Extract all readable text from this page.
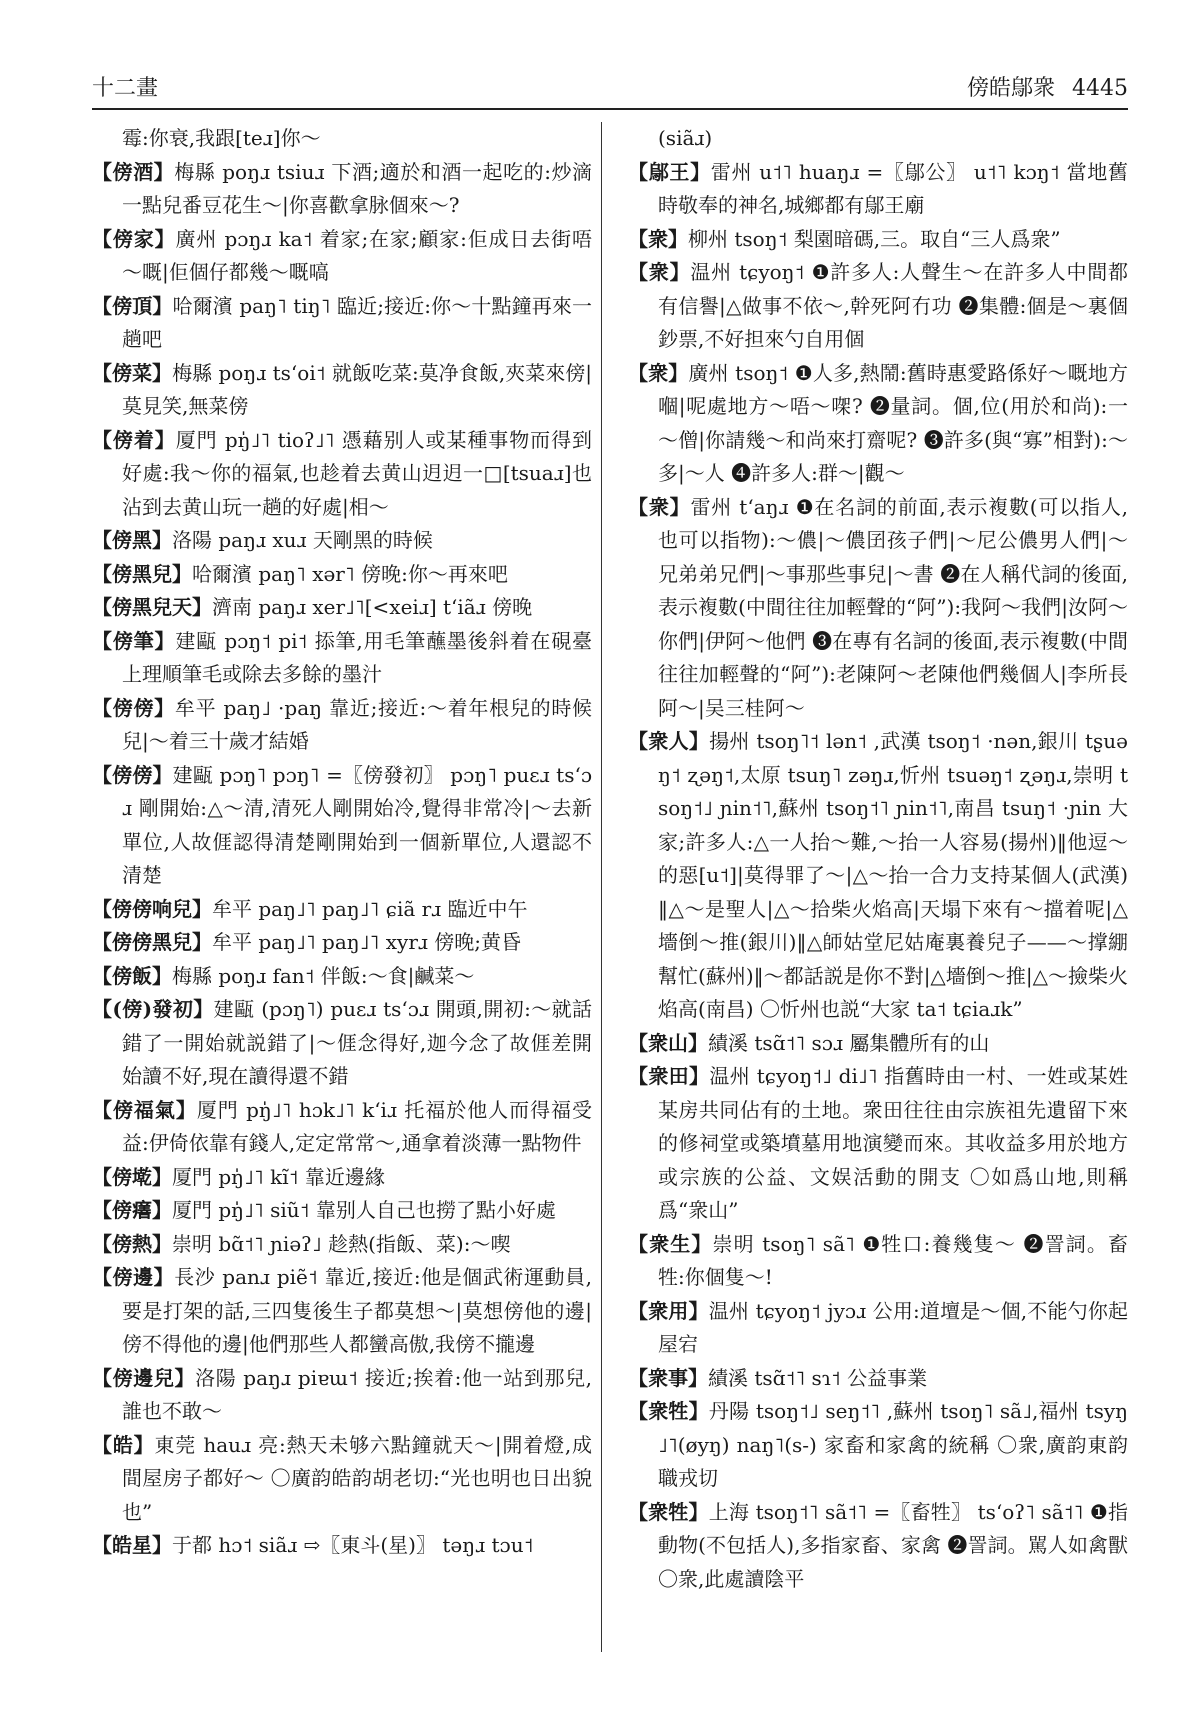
十二畫	傍皓鄔衆 4445

霉:你衰,我跟[teɹ]你～

【傍酒】梅縣 poŋɹ tsiuɹ 下酒;適於和酒一起吃的:炒滴一點兒番豆花生～|你喜歡拿脉個來～?

【傍家】廣州 pɔŋɹ ka˦ 着家;在家;顧家:佢成日去街唔～嘅|佢個仔都幾～嘅嗃

【傍頂】哈爾濱 paŋ˥ tiŋ˥ 臨近;接近:你～十點鐘再來一趟吧

【傍菜】梅縣 poŋɹ tsʻoi˦ 就飯吃菜:莫净食飯,夾菜來傍|莫見笑,無菜傍

【傍着】厦門 pŋ̍˩˥ tioʔ˩˥ 憑藉别人或某種事物而得到好處:我～你的福氣,也趁着去黄山迌迌一□[tsuaɹ]也沾到去黄山玩一趟的好處|相～

【傍黑】洛陽 paŋɹ xuɹ 天剛黑的時候

【傍黑兒】哈爾濱 paŋ˥ xər˥ 傍晚:你～再來吧

【傍黑兒天】濟南 paŋɹ xer˩˥[<xeiɹ] tʻiãɹ 傍晚

【傍筆】建甌 pɔŋ˦ pi˦ 掭筆,用毛筆蘸墨後斜着在硯臺上理順筆毛或除去多餘的墨汁

【傍傍】牟平 paŋ˩ ·paŋ 靠近;接近:～着年根兒的時候兒|～着三十歲才結婚

【傍傍】建甌 pɔŋ˥ pɔŋ˥ =〖傍發初〗 pɔŋ˥ puɛɹ tsʻɔɹ 剛開始:△～清,清死人剛開始冷,覺得非常冷|～去新單位,人故𠊎認得清楚剛開始到一個新單位,人還認不清楚

【傍傍响兒】牟平 paŋ˩˥ paŋ˩˥ ɕiã rɹ 臨近中午

【傍傍黑兒】牟平 paŋ˩˥ paŋ˩˥ xyrɹ 傍晚;黄昏

【傍飯】梅縣 poŋɹ fan˦ 伴飯:～食|鹹菜～

【(傍)發初】建甌 (pɔŋ˥) puɛɹ tsʻɔɹ 開頭,開初:～就話錯了一開始就説錯了|～𠊎念得好,迦今念了故𠊎差開始讀不好,現在讀得還不錯

【傍福氣】厦門 pŋ̍˩˥ hɔk˩˥ kʻiɹ 托福於他人而得福受益:伊倚依靠有錢人,定定常常～,通拿着淡薄一點物件

【傍墘】厦門 pŋ̍˩˥ kĩ˦ 靠近邊緣

【傍𤺪】厦門 pŋ̍˩˥ siũ˦ 靠别人自己也撈了點小好處

【傍熱】崇明 bɑ̃˦˥ ɲiəʔ˩ 趁熱(指飯、菜):～喫

【傍邊】長沙 panɹ piẽ˦ 靠近,接近:他是個武術運動員,要是打架的話,三四隻後生子都莫想～|莫想傍他的邊|傍不得他的邊|他們那些人都蠻高傲,我傍不攏邊

【傍邊兒】洛陽 paŋɹ piɐɯ˦ 接近;挨着:他一站到那兒,誰也不敢～

【皓】東莞 hauɹ 亮:熱天未够六點鐘就天～|開着燈,成間屋房子都好～ 〇廣韵皓韵胡老切:“光也明也日出貌也”

【皓星】于都 hɔ˦ siãɹ ⇨〖東斗(星)〗 təŋɹ tɔu˦

(siãɹ)

【鄔王】雷州 u˦˥ huaŋɹ =〖鄔公〗 u˦˥ kɔŋ˦ 當地舊時敬奉的神名,城鄉都有鄔王廟

【衆】柳州 tsoŋ˦ 梨園暗碼,三。取自“三人爲衆”

【衆】温州 tɕyoŋ˦ ❶許多人:人聲生～在許多人中間都有信譽|△做事不依～,幹死阿冇功 ❷集體:個是～裏個鈔票,不好担來勺自用個

【衆】廣州 tsoŋ˦ ❶人多,熱鬧:舊時惠愛路係好～嘅地方嗰|呢處地方～唔～㗎? ❷量詞。個,位(用於和尚):一～僧|你請幾～和尚來打齋呢? ❸許多(與“寡”相對):～多|～人 ❹許多人:群～|觀～

【衆】雷州 tʻaŋɹ ❶在名詞的前面,表示複數(可以指人,也可以指物):～儂|～儂囝孩子們|～尼公儂男人們|～兄弟弟兄們|～事那些事兒|～書 ❷在人稱代詞的後面,表示複數(中間往往加輕聲的“阿”):我阿～我們|汝阿～你們|伊阿～他們 ❸在專有名詞的後面,表示複數(中間往往加輕聲的“阿”):老陳阿～老陳他們幾個人|李所長阿～|吴三桂阿～

【衆人】揚州 tsoŋ˥˦ lən˦ ,武漢 tsoŋ˦ ·nən,銀川 tʂuəŋ˦ ʐəŋ˦,太原 tsuŋ˥ zəŋɹ,忻州 tsuəŋ˦ ʐəŋɹ,崇明 tsoŋ˦˩ ɲin˦˥,蘇州 tsoŋ˦˥ ɲin˦˥,南昌 tsuŋ˦ ·ɲin 大家;許多人:△一人抬～難,～抬一人容易(揚州)‖他逗～的惡[u˦]|莫得罪了～|△～抬一合力支持某個人(武漢)‖△～是聖人|△～拾柴火焰高|天塌下來有～擋着呢|△墻倒～推(銀川)‖△師姑堂尼姑庵裏養兒子——～撑綳幫忙(蘇州)‖～都話説是你不對|△墻倒～推|△～撿柴火焰高(南昌) 〇忻州也説“大家 ta˦ tɕiaɹk”

【衆山】績溪 tsɑ̃˦˥ sɔɹ 屬集體所有的山

【衆田】温州 tɕyoŋ˦˩ di˩˥ 指舊時由一村、一姓或某姓某房共同佔有的土地。衆田往往由宗族祖先遺留下來的修祠堂或築墳墓用地演變而來。其收益多用於地方或宗族的公益、文娱活動的開支 〇如爲山地,則稱爲“衆山”

【衆生】崇明 tsoŋ˥ sã˥ ❶牲口:養幾隻～ ❷詈詞。畜牲:你個隻～!

【衆用】温州 tɕyoŋ˦ jyɔɹ 公用:道壇是～個,不能勺你起屋宕

【衆事】績溪 tsɑ̃˦˥ sɿ˦ 公益事業

【衆牲】丹陽 tsoŋ˦˩ seŋ˦˥ ,蘇州 tsoŋ˥ sã˩,福州 tsyŋ˩˥(øyŋ) naŋ˥(s-) 家畜和家禽的統稱 〇衆,廣韵東韵職戎切

【衆牲】上海 tsoŋ˦˥ sã˦˥ =〖畜牲〗 tsʻoʔ˥ sã˦˥ ❶指動物(不包括人),多指家畜、家禽 ❷詈詞。駡人如禽獸 〇衆,此處讀陰平
